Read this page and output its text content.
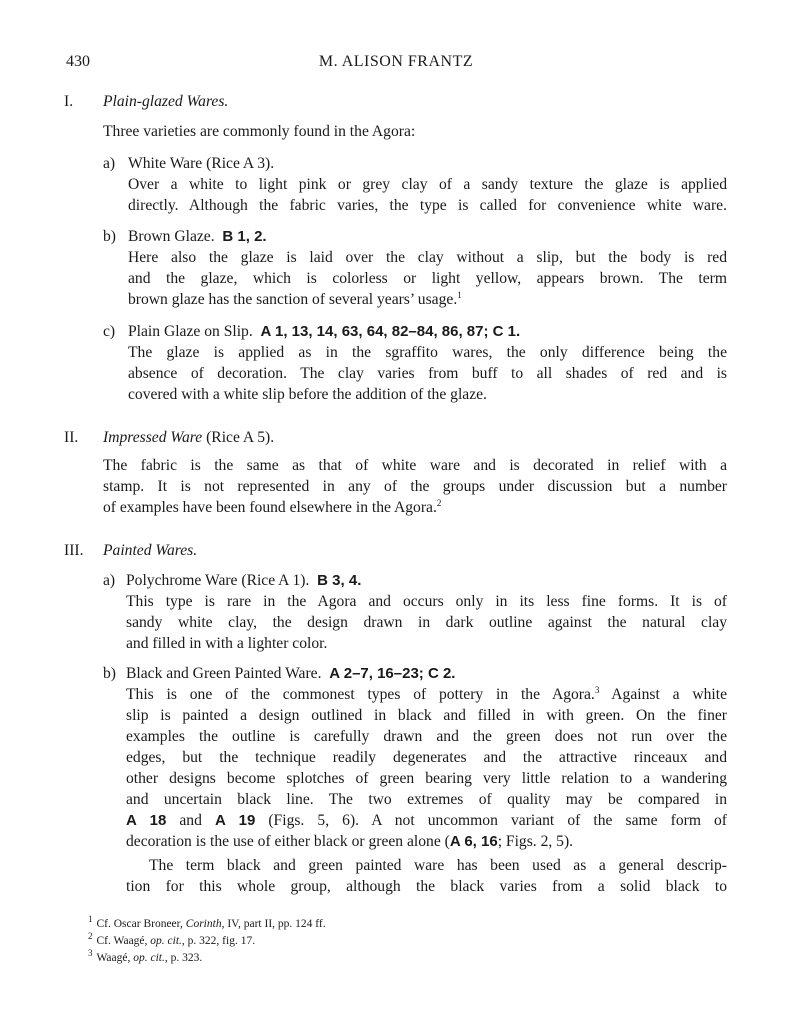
430	M. ALISON FRANTZ
I. Plain-glazed Wares.
Three varieties are commonly found in the Agora:
a) White Ware (Rice A 3).
Over a white to light pink or grey clay of a sandy texture the glaze is applied
directly. Although the fabric varies, the type is called for convenience white ware.
b) Brown Glaze. B 1, 2.
Here also the glaze is laid over the clay without a slip, but the body is red
and the glaze, which is colorless or light yellow, appears brown. The term
brown glaze has the sanction of several years’ usage.$^1$
c) Plain Glaze on Slip. A 1, 13, 14, 63, 64, 82–84, 86, 87; C 1.
The glaze is applied as in the sgraffito wares, the only difference being the
absence of decoration. The clay varies from buff to all shades of red and is
covered with a white slip before the addition of the glaze.
II. Impressed Ware (Rice A 5).
The fabric is the same as that of white ware and is decorated in relief with a
stamp. It is not represented in any of the groups under discussion but a number
of examples have been found elsewhere in the Agora.$^2$
III. Painted Wares.
a) Polychrome Ware (Rice A 1). B 3, 4.
This type is rare in the Agora and occurs only in its less fine forms. It is of
sandy white clay, the design drawn in dark outline against the natural clay
and filled in with a lighter color.
b) Black and Green Painted Ware. A 2–7, 16–23; C 2.
This is one of the commonest types of pottery in the Agora.$^3$ Against a white
slip is painted a design outlined in black and filled in with green. On the finer
examples the outline is carefully drawn and the green does not run over the
edges, but the technique readily degenerates and the attractive rinceaux and
other designs become splotches of green bearing very little relation to a wandering
and uncertain black line. The two extremes of quality may be compared in
A 18 and A 19 (Figs. 5, 6). A not uncommon variant of the same form of
decoration is the use of either black or green alone (A 6, 16; Figs. 2, 5).
The term black and green painted ware has been used as a general descrip-
tion for this whole group, although the black varies from a solid black to
$^1$ Cf. Oscar Broneer, Corinth, IV, part II, pp. 124 ff.
$^2$ Cf. Waagé, op. cit., p. 322, fig. 17.
$^3$ Waagé, op. cit., p. 323.
